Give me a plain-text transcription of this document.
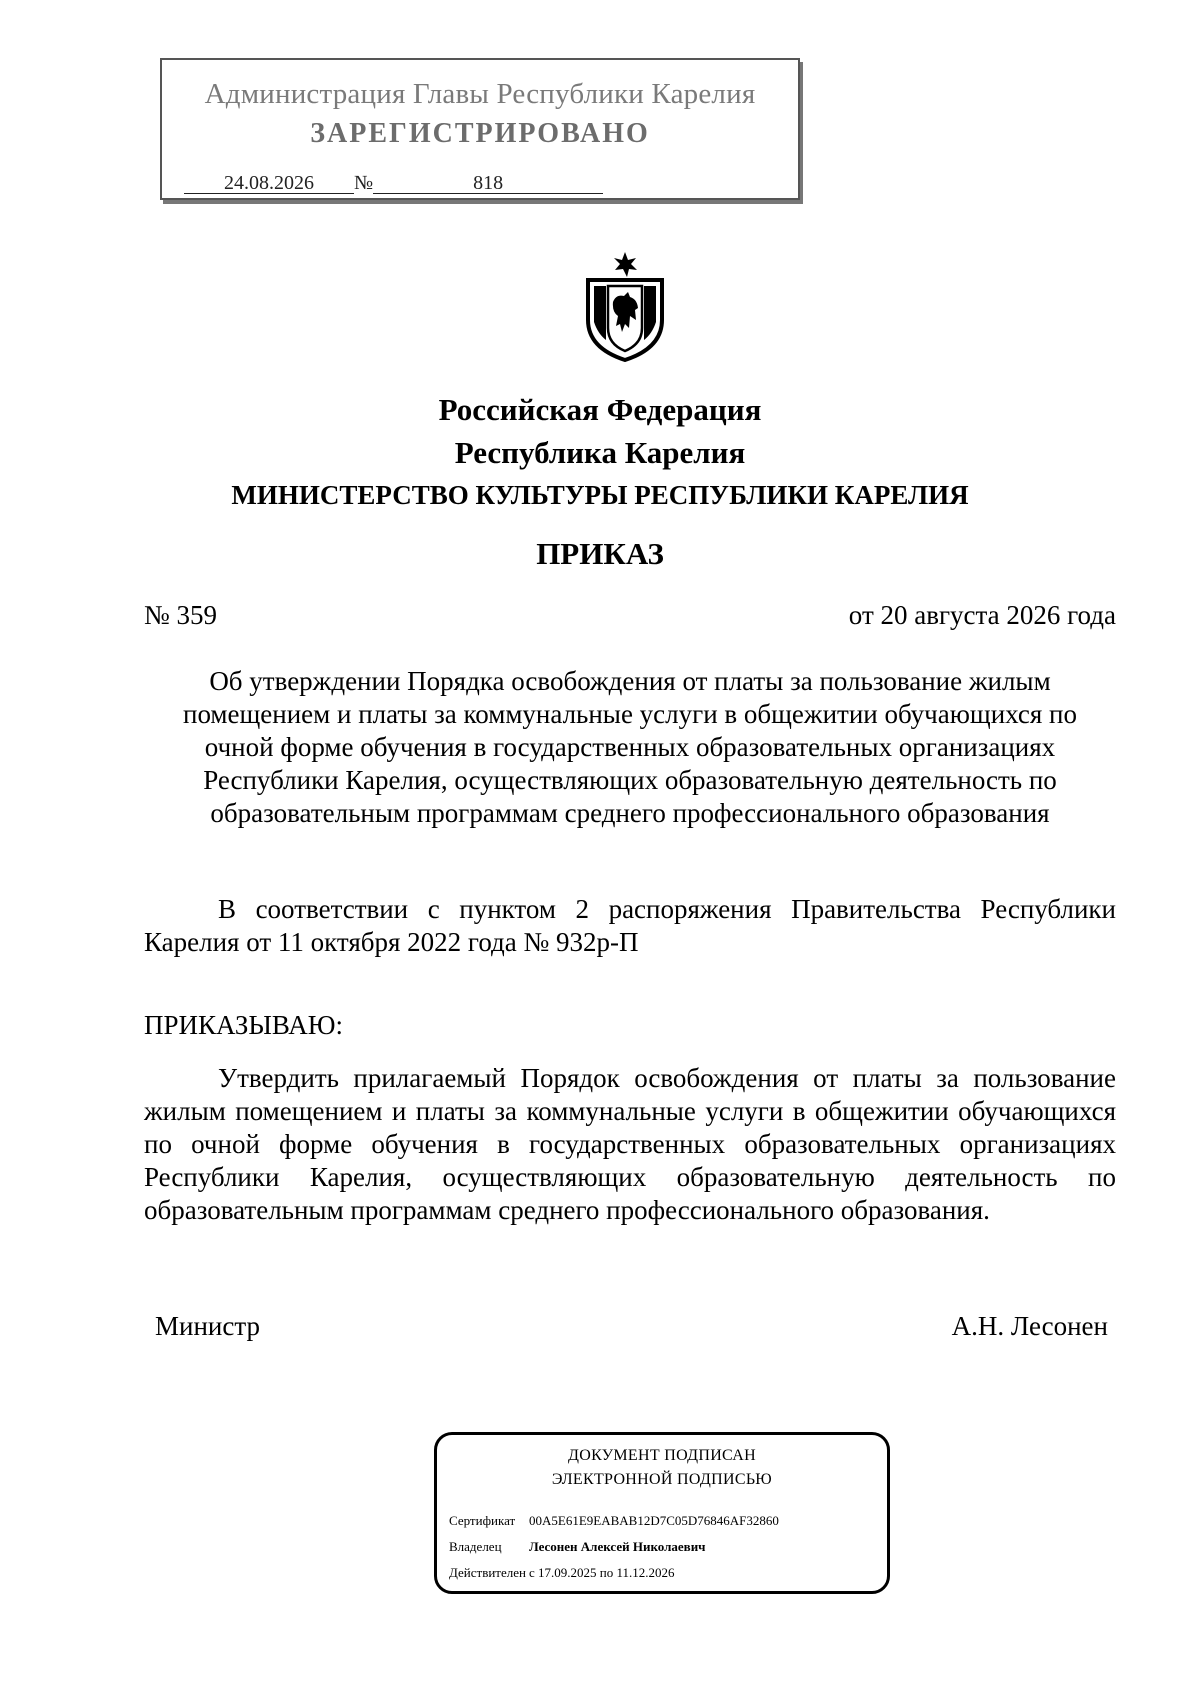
Администрация Главы Республики Карелия
ЗАРЕГИСТРИРОВАНО
24.08.2026 №	818
Российская Федерация
Республика Карелия
МИНИСТЕРСТВО КУЛЬТУРЫ РЕСПУБЛИКИ КАРЕЛИЯ
ПРИКАЗ
№ 359	от 20 августа 2026 года
Об утверждении Порядка освобождения от платы за пользование жилым помещением и платы за коммунальные услуги в общежитии обучающихся по очной форме обучения в государственных образовательных организациях Республики Карелия, осуществляющих образовательную деятельность по образовательным программам среднего профессионального образования
В соответствии с пунктом 2 распоряжения Правительства Республики Карелия от 11 октября 2022 года № 932р-П
ПРИКАЗЫВАЮ:
Утвердить прилагаемый Порядок освобождения от платы за пользование жилым помещением и платы за коммунальные услуги в общежитии обучающихся по очной форме обучения в государственных образовательных организациях Республики Карелия, осуществляющих образовательную деятельность по образовательным программам среднего профессионального образования.
Министр	А.Н. Лесонен
ДОКУМЕНТ ПОДПИСАН
ЭЛЕКТРОННОЙ ПОДПИСЬЮ
Сертификат 00A5E61E9EABAB12D7C05D76846AF32860
Владелец Лесонен Алексей Николаевич
Действителен с 17.09.2025 по 11.12.2026
